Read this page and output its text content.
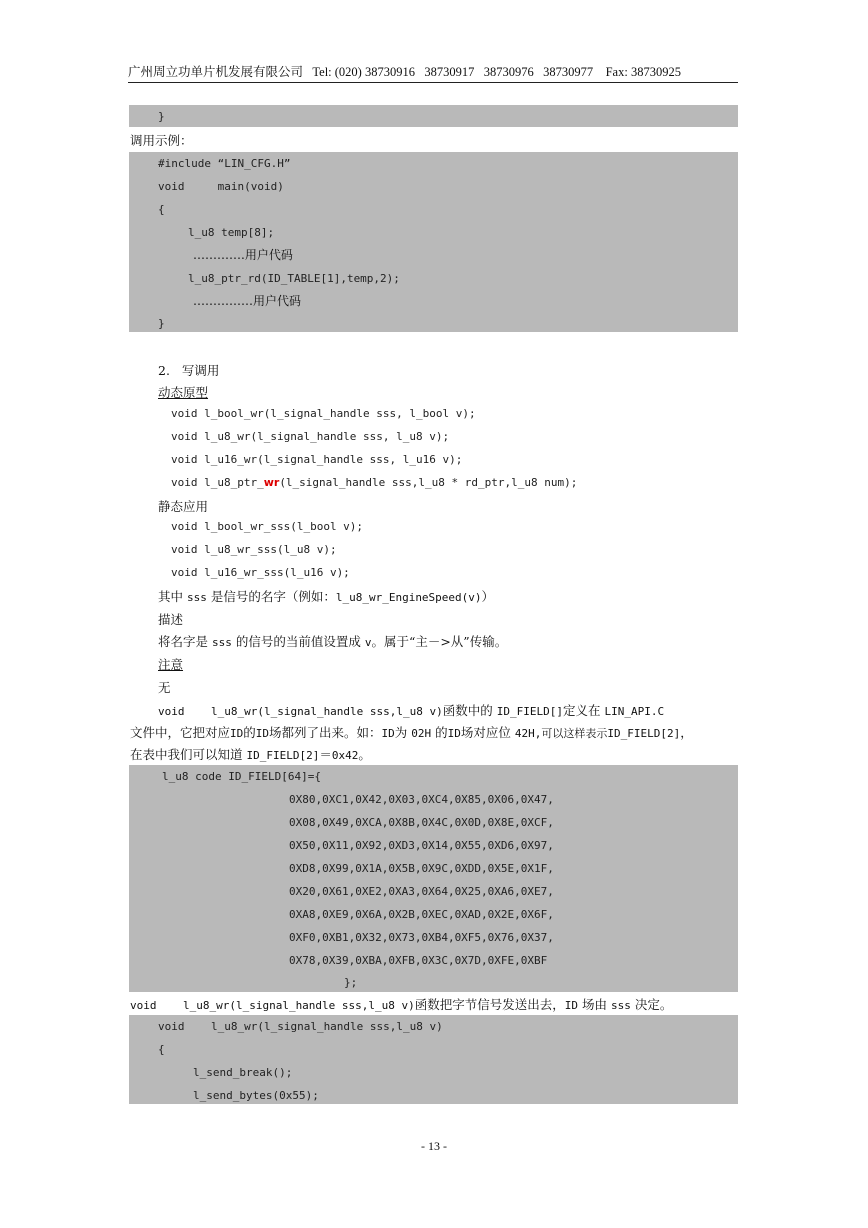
广州周立功单片机发展有限公司 Tel: (020) 38730916   38730917   38730976   38730977 Fax: 38730925
}
调用示例：
#include “LIN_CFG.H”
void     main(void)
{
l_u8 temp[8];
………….用户代码
l_u8_ptr_rd(ID_TABLE[1],temp,2);
……………用户代码
}
2. 写调用
动态原型
void l_bool_wr(l_signal_handle sss, l_bool v);
void l_u8_wr(l_signal_handle sss, l_u8 v);
void l_u16_wr(l_signal_handle sss, l_u16 v);
void l_u8_ptr_wr(l_signal_handle sss,l_u8 * rd_ptr,l_u8 num);
静态应用
void l_bool_wr_sss(l_bool v);
void l_u8_wr_sss(l_u8 v);
void l_u16_wr_sss(l_u16 v);
其中 sss 是信号的名字（例如：l_u8_wr_EngineSpeed(v)）
描述
将名字是 sss 的信号的当前值设置成 v。属于“主－>从”传输。
注意
无
void    l_u8_wr(l_signal_handle sss,l_u8 v)函数中的 ID_FIELD[]定义在 LIN_API.C
文件中，它把对应ID的ID场都列了出来。如：ID为 02H 的ID场对应位 42H,可以这样表示ID_FIELD[2]，
在表中我们可以知道 ID_FIELD[2]＝0x42。
l_u8 code ID_FIELD[64]={
0X80,0XC1,0X42,0X03,0XC4,0X85,0X06,0X47,
0X08,0X49,0XCA,0X8B,0X4C,0X0D,0X8E,0XCF,
0X50,0X11,0X92,0XD3,0X14,0X55,0XD6,0X97,
0XD8,0X99,0X1A,0X5B,0X9C,0XDD,0X5E,0X1F,
0X20,0X61,0XE2,0XA3,0X64,0X25,0XA6,0XE7,
0XA8,0XE9,0X6A,0X2B,0XEC,0XAD,0X2E,0X6F,
0XF0,0XB1,0X32,0X73,0XB4,0XF5,0X76,0X37,
0X78,0X39,0XBA,0XFB,0X3C,0X7D,0XFE,0XBF
};
void    l_u8_wr(l_signal_handle sss,l_u8 v)函数把字节信号发送出去，ID 场由 sss 决定。
void    l_u8_wr(l_signal_handle sss,l_u8 v)
{
l_send_break();
l_send_bytes(0x55);
- 13 -
